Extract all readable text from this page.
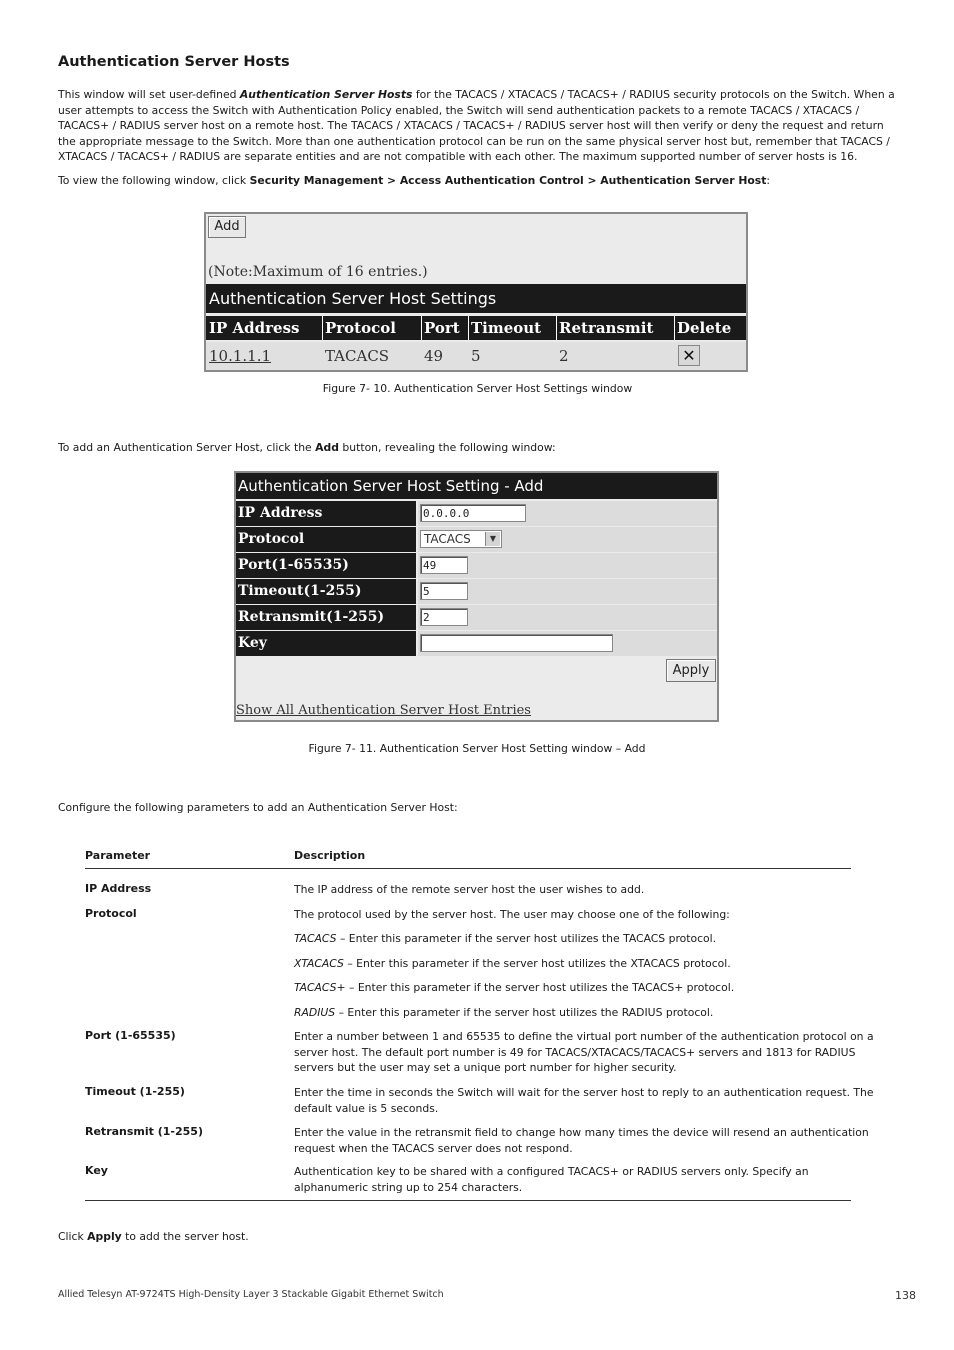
Authentication Server Hosts
This window will set user-defined Authentication Server Hosts for the TACACS / XTACACS / TACACS+ / RADIUS security protocols on the Switch. When a user attempts to access the Switch with Authentication Policy enabled, the Switch will send authentication packets to a remote TACACS / XTACACS / TACACS+ / RADIUS server host on a remote host. The TACACS / XTACACS / TACACS+ / RADIUS server host will then verify or deny the request and return the appropriate message to the Switch. More than one authentication protocol can be run on the same physical server host but, remember that TACACS / XTACACS / TACACS+ / RADIUS are separate entities and are not compatible with each other. The maximum supported number of server hosts is 16.
To view the following window, click Security Management > Access Authentication Control > Authentication Server Host:
Add
(Note:Maximum of 16 entries.)
Authentication Server Host Settings
IP Address Protocol Port Timeout Retransmit Delete
10.1.1.1	TACACS 49 5	2	✕
Figure 7- 10. Authentication Server Host Settings window
To add an Authentication Server Host, click the Add button, revealing the following window:
Authentication Server Host Setting - Add
IP Address	0.0.0.0
Protocol	TACACS	▼
Port(1-65535)	49
Timeout(1-255)	5
Retransmit(1-255)	2
Key
Apply
Show All Authentication Server Host Entries
Figure 7- 11. Authentication Server Host Setting window – Add
Configure the following parameters to add an Authentication Server Host:
Parameter	Description
IP Address	The IP address of the remote server host the user wishes to add.
Protocol	The protocol used by the server host. The user may choose one of the following:
TACACS – Enter this parameter if the server host utilizes the TACACS protocol.
XTACACS – Enter this parameter if the server host utilizes the XTACACS protocol.
TACACS+ – Enter this parameter if the server host utilizes the TACACS+ protocol.
RADIUS – Enter this parameter if the server host utilizes the RADIUS protocol.
Port (1-65535)	Enter a number between 1 and 65535 to define the virtual port number of the authentication protocol on a server host. The default port number is 49 for TACACS/XTACACS/TACACS+ servers and 1813 for RADIUS servers but the user may set a unique port number for higher security.
Timeout (1-255)	Enter the time in seconds the Switch will wait for the server host to reply to an authentication request. The default value is 5 seconds.
Retransmit (1-255)	Enter the value in the retransmit field to change how many times the device will resend an authentication request when the TACACS server does not respond.
Key	Authentication key to be shared with a configured TACACS+ or RADIUS servers only. Specify an alphanumeric string up to 254 characters.
Click Apply to add the server host.
Allied Telesyn AT-9724TS High-Density Layer 3 Stackable Gigabit Ethernet Switch	138
